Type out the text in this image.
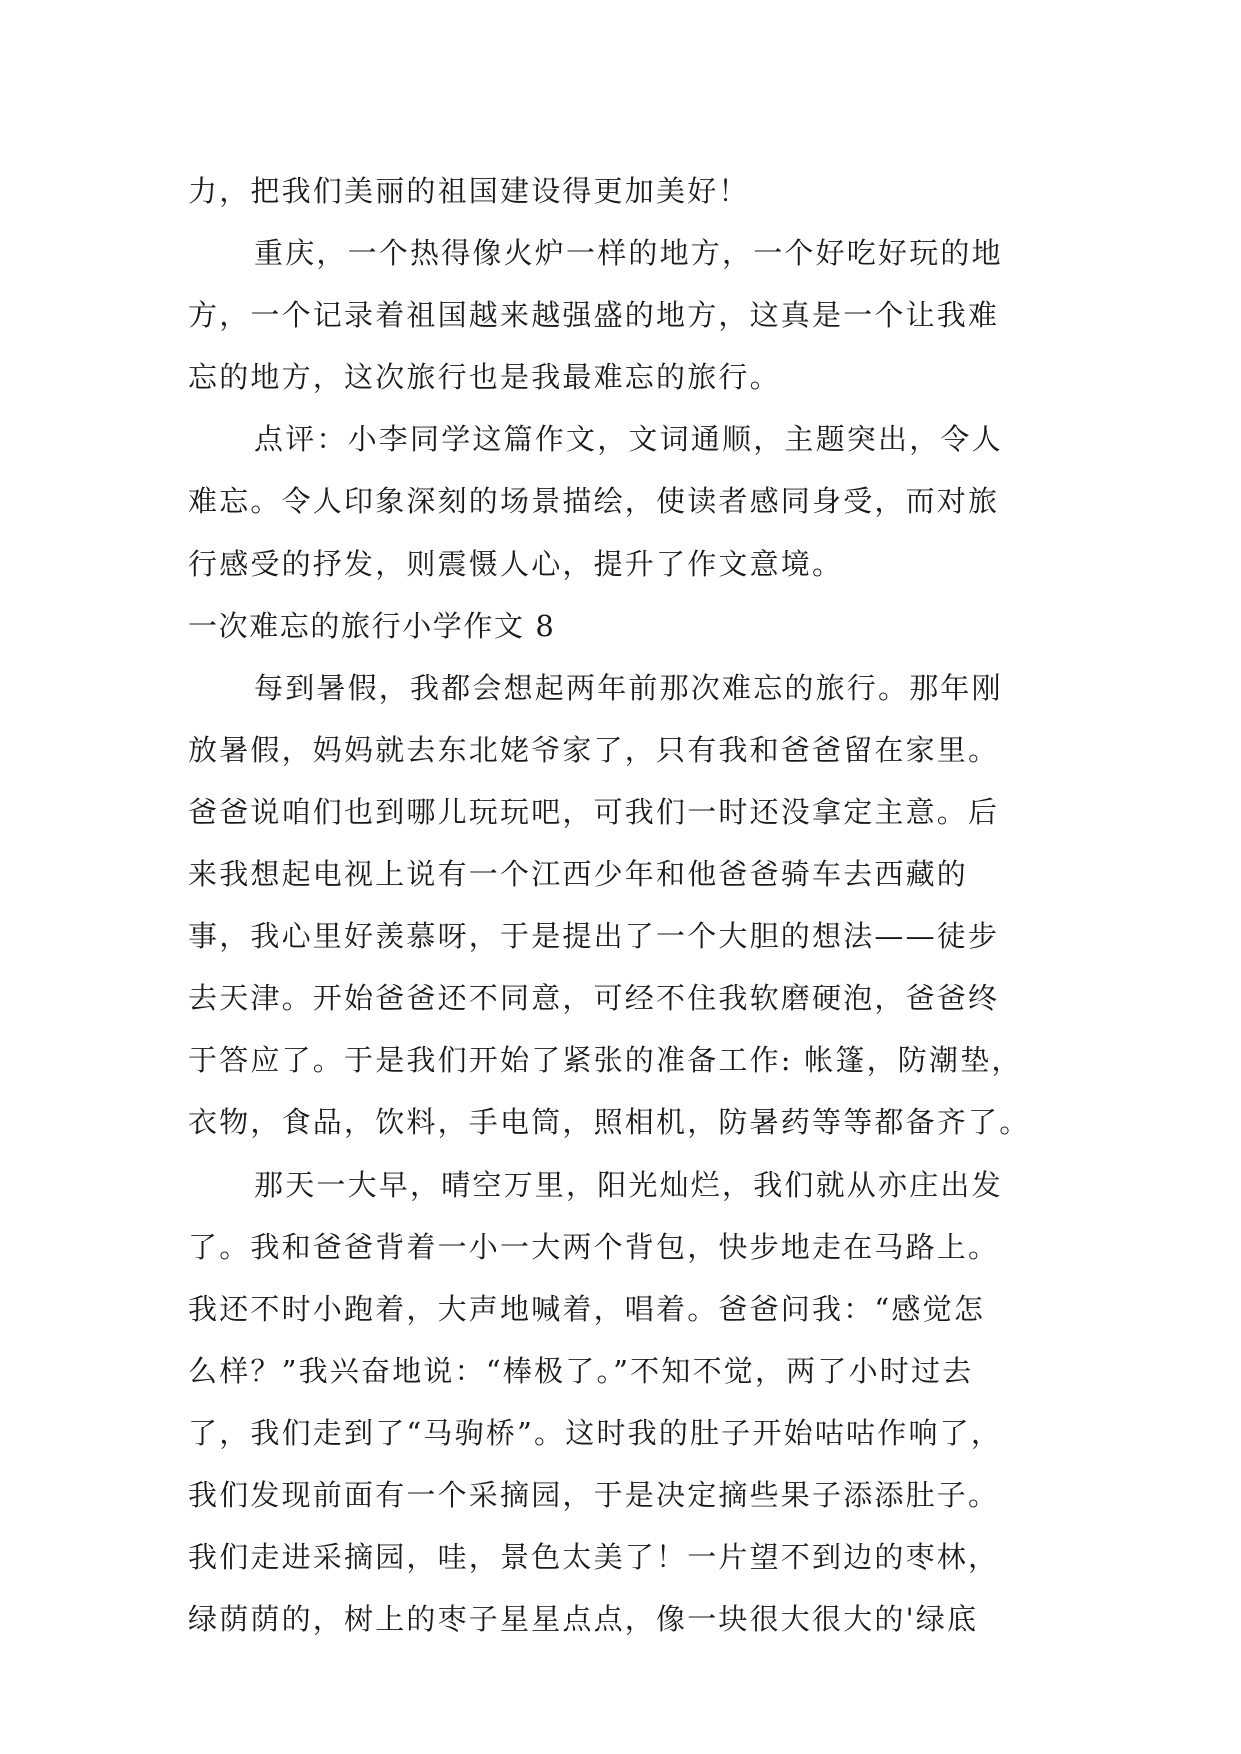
力，把我们美丽的祖国建设得更加美好！
重庆，一个热得像火炉一样的地方，一个好吃好玩的地
方，一个记录着祖国越来越强盛的地方，这真是一个让我难
忘的地方，这次旅行也是我最难忘的旅行。
点评：小李同学这篇作文，文词通顺，主题突出，令人
难忘。令人印象深刻的场景描绘，使读者感同身受，而对旅
行感受的抒发，则震慑人心，提升了作文意境。
一次难忘的旅行小学作文 8
每到暑假，我都会想起两年前那次难忘的旅行。那年刚
放暑假，妈妈就去东北姥爷家了，只有我和爸爸留在家里。
爸爸说咱们也到哪儿玩玩吧，可我们一时还没拿定主意。后
来我想起电视上说有一个江西少年和他爸爸骑车去西藏的
事，我心里好羡慕呀，于是提出了一个大胆的想法——徒步
去天津。开始爸爸还不同意，可经不住我软磨硬泡，爸爸终
于答应了。于是我们开始了紧张的准备工作: 帐篷，防潮垫，
衣物，食品，饮料，手电筒，照相机，防暑药等等都备齐了。
那天一大早，晴空万里，阳光灿烂，我们就从亦庄出发
了。我和爸爸背着一小一大两个背包，快步地走在马路上。
我还不时小跑着，大声地喊着，唱着。爸爸问我：“感觉怎
么样？”我兴奋地说：“棒极了。”不知不觉，两了小时过去
了，我们走到了“马驹桥”。这时我的肚子开始咕咕作响了，
我们发现前面有一个采摘园，于是决定摘些果子添添肚子。
我们走进采摘园，哇，景色太美了！一片望不到边的枣林，
绿荫荫的，树上的枣子星星点点，像一块很大很大的'绿底
